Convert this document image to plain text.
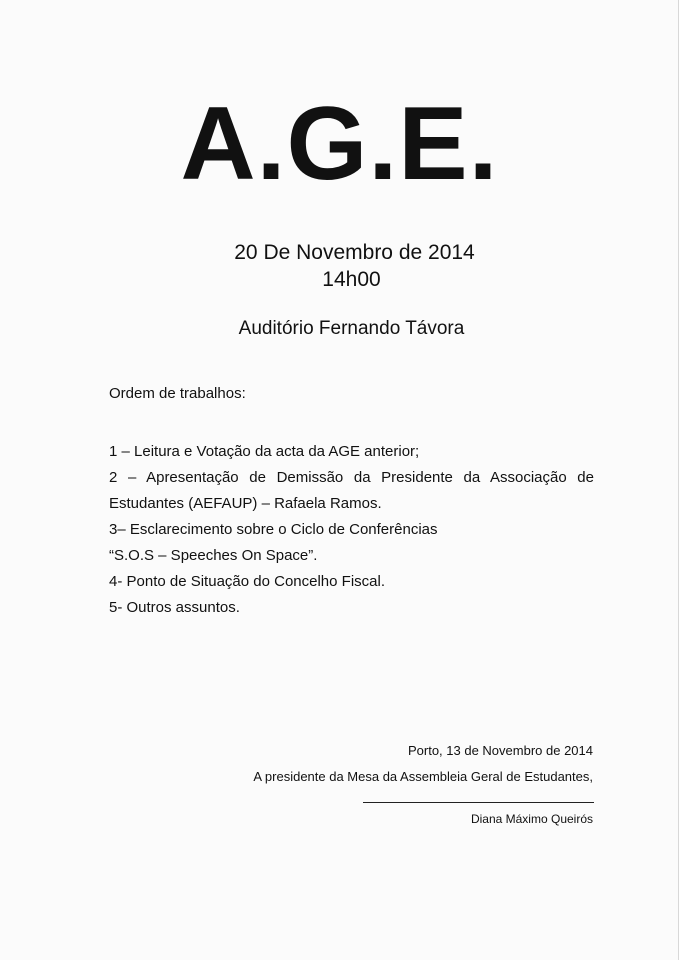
A.G.E.
20 De Novembro de 2014
14h00
Auditório Fernando Távora
Ordem de trabalhos:
1 – Leitura e Votação da acta da AGE anterior;
2 – Apresentação de Demissão da Presidente da Associação de Estudantes (AEFAUP) – Rafaela Ramos.
3– Esclarecimento sobre o Ciclo de Conferências
“S.O.S – Speeches On Space”.
4- Ponto de Situação do Concelho Fiscal.
5- Outros assuntos.
Porto, 13 de Novembro de 2014
A presidente da Mesa da Assembleia Geral de Estudantes,
Diana Máximo Queirós
